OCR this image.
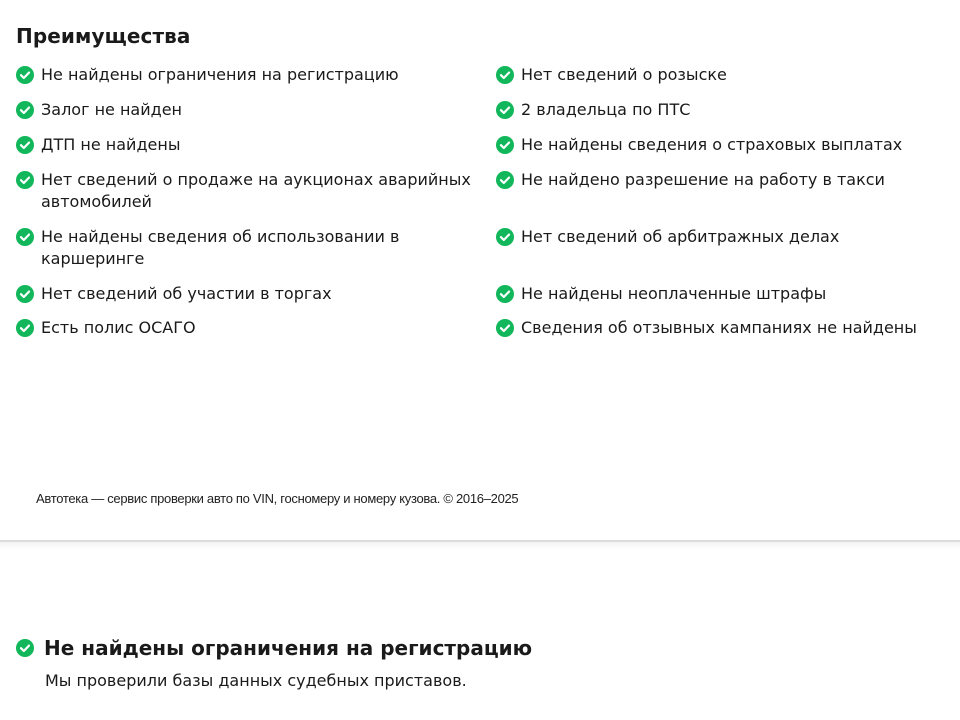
Преимущества
Не найдены ограничения на регистрацию
Залог не найден
ДТП не найдены
Нет сведений о продаже на аукционах аварийных автомобилей
Не найдены сведения об использовании в каршеринге
Нет сведений об участии в торгах
Есть полис ОСАГО
Нет сведений о розыске
2 владельца по ПТС
Не найдены сведения о страховых выплатах
Не найдено разрешение на работу в такси
Нет сведений об арбитражных делах
Не найдены неоплаченные штрафы
Сведения об отзывных кампаниях не найдены
Автотека — сервис проверки авто по VIN, госномеру и номеру кузова. © 2016–2025
Не найдены ограничения на регистрацию

Мы проверили базы данных судебных приставов.
